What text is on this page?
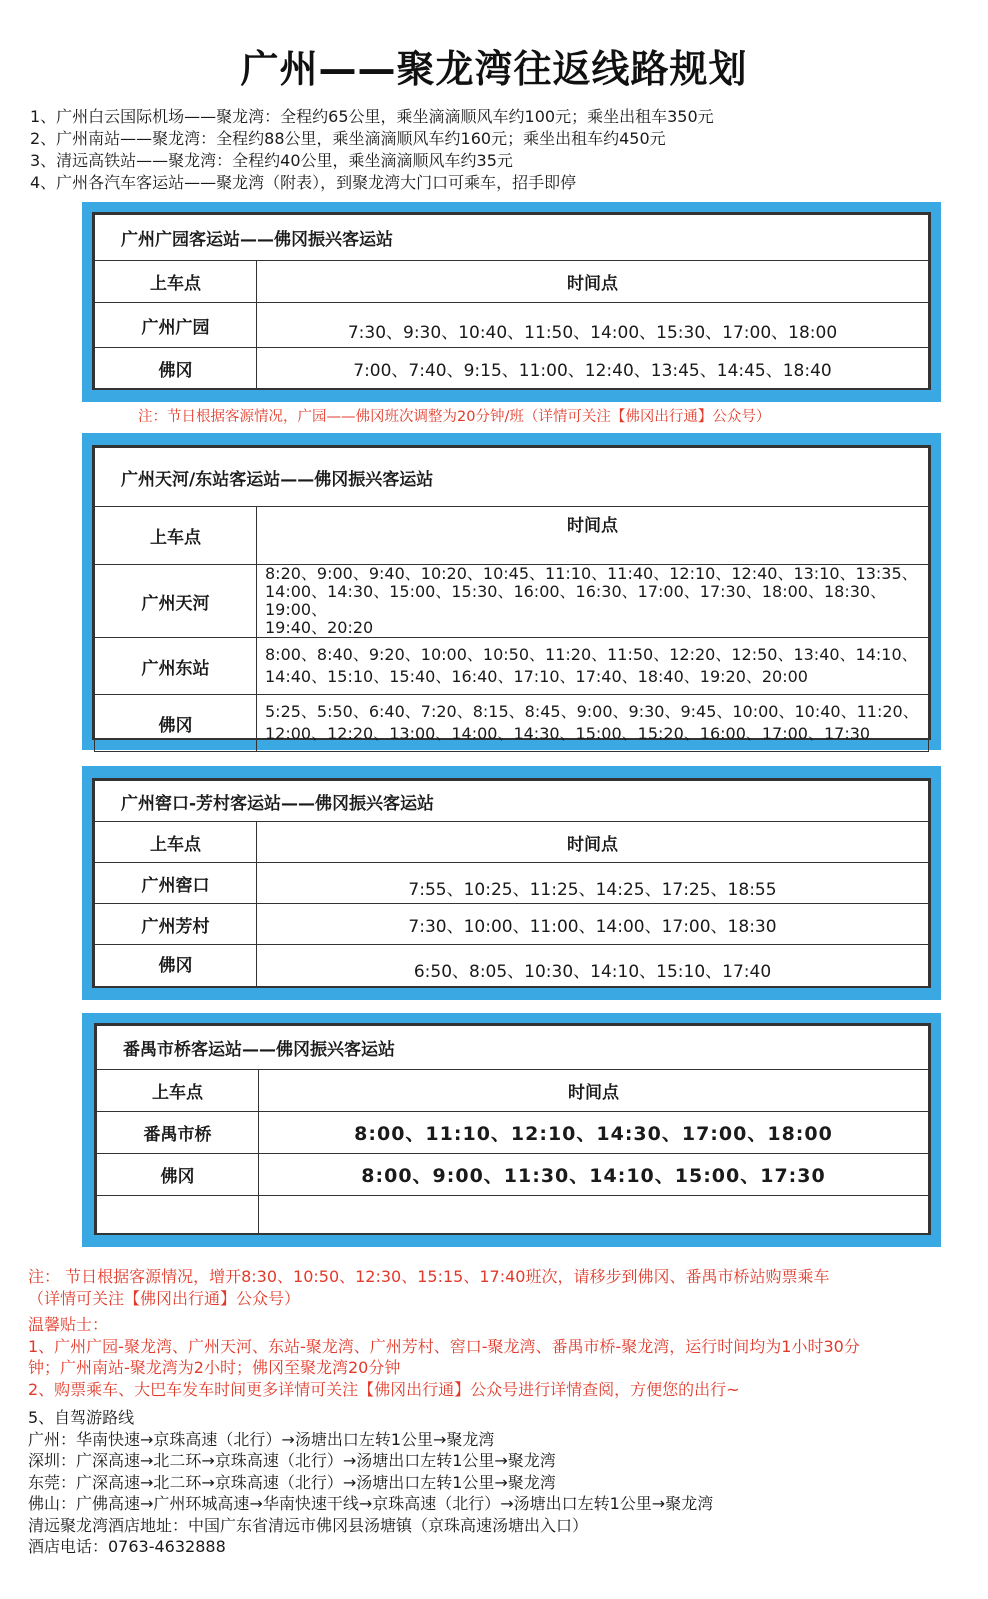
广州——聚龙湾往返线路规划
1、广州白云国际机场——聚龙湾：全程约65公里，乘坐滴滴顺风车约100元；乘坐出租车350元
2、广州南站——聚龙湾：全程约88公里，乘坐滴滴顺风车约160元；乘坐出租车约450元
3、清远高铁站——聚龙湾：全程约40公里，乘坐滴滴顺风车约35元
4、广州各汽车客运站——聚龙湾（附表），到聚龙湾大门口可乘车，招手即停
广州广园客运站——佛冈振兴客运站	
上车点	时间点
广州广园	7:30、9:30、10:40、11:50、14:00、15:30、17:00、18:00
佛冈	7:00、7:40、9:15、11:00、12:40、13:45、14:45、18:40
注：节日根据客源情况，广园——佛冈班次调整为20分钟/班（详情可关注【佛冈出行通】公众号）
广州天河/东站客运站——佛冈振兴客运站	
上车点	时间点
广州天河	8:20、9:00、9:40、10:20、10:45、11:10、11:40、12:10、12:40、13:10、13:35、
14:00、14:30、15:00、15:30、16:00、16:30、17:00、17:30、18:00、18:30、19:00、
19:40、20:20

广州东站	8:00、8:40、9:20、10:00、10:50、11:20、11:50、12:20、12:50、13:40、14:10、
14:40、15:10、15:40、16:40、17:10、17:40、18:40、19:20、20:00

佛冈	5:25、5:50、6:40、7:20、8:15、8:45、9:00、9:30、9:45、10:00、10:40、11:20、
12:00、12:20、13:00、14:00、14:30、15:00、15:20、16:00、17:00、17:30
广州窖口-芳村客运站——佛冈振兴客运站	
上车点	时间点
广州窖口	7:55、10:25、11:25、14:25、17:25、18:55
广州芳村	7:30、10:00、11:00、14:00、17:00、18:30
佛冈	6:50、8:05、10:30、14:10、15:10、17:40
番禺市桥客运站——佛冈振兴客运站	
上车点	时间点
番禺市桥	8:00、11:10、12:10、14:30、17:00、18:00
佛冈	8:00、9:00、11:30、14:10、15:00、17:30

注： 节日根据客源情况，增开8:30、10:50、12:30、15:15、17:40班次，请移步到佛冈、番禺市桥站购票乘车
（详情可关注【佛冈出行通】公众号）
温馨贴士：
1、广州广园-聚龙湾、广州天河、东站-聚龙湾、广州芳村、窖口-聚龙湾、番禺市桥-聚龙湾，运行时间均为1小时30分
钟；广州南站-聚龙湾为2小时；佛冈至聚龙湾20分钟
2、购票乘车、大巴车发车时间更多详情可关注【佛冈出行通】公众号进行详情查阅，方便您的出行~
5、自驾游路线
广州：华南快速→京珠高速（北行）→汤塘出口左转1公里→聚龙湾
深圳：广深高速→北二环→京珠高速（北行）→汤塘出口左转1公里→聚龙湾
东莞：广深高速→北二环→京珠高速（北行）→汤塘出口左转1公里→聚龙湾
佛山：广佛高速→广州环城高速→华南快速干线→京珠高速（北行）→汤塘出口左转1公里→聚龙湾
清远聚龙湾酒店地址：中国广东省清远市佛冈县汤塘镇（京珠高速汤塘出入口）
酒店电话：0763-4632888
